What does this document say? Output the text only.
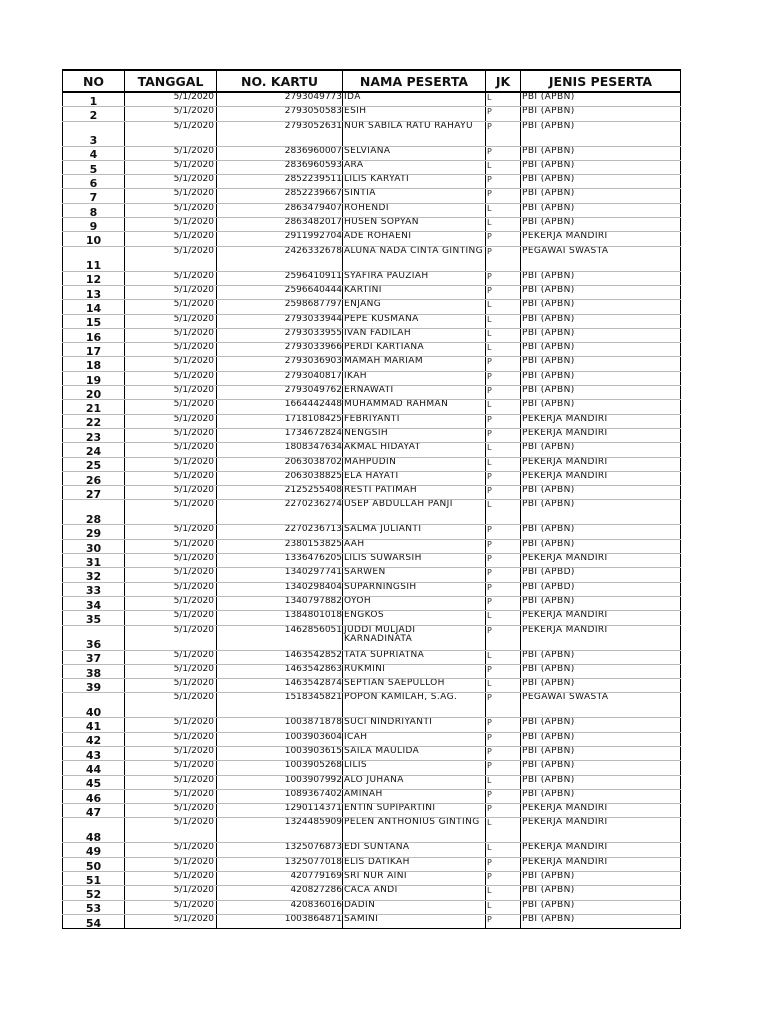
NO	TANGGAL	NO. KARTU	NAMA PESERTA	JK	JENIS PESERTA
1	5/1/2020	2793049773	IDA	L	PBI (APBN)
2	5/1/2020	2793050583	ESIH	P	PBI (APBN)
3	5/1/2020	2793052631	NUR SABILA RATU RAHAYU	P	PBI (APBN)
4	5/1/2020	2836960007	SELVIANA	P	PBI (APBN)
5	5/1/2020	2836960593	ARA	L	PBI (APBN)
6	5/1/2020	2852239511	LILIS KARYATI	P	PBI (APBN)
7	5/1/2020	2852239667	SINTIA	P	PBI (APBN)
8	5/1/2020	2863479407	ROHENDI	L	PBI (APBN)
9	5/1/2020	2863482017	HUSEN SOPYAN	L	PBI (APBN)
10	5/1/2020	2911992704	ADE ROHAENI	P	PEKERJA MANDIRI
11	5/1/2020	2426332678	ALUNA NADA CINTA GINTING	P	PEGAWAI SWASTA
12	5/1/2020	2596410911	SYAFIRA PAUZIAH	P	PBI (APBN)
13	5/1/2020	2596640444	KARTINI	P	PBI (APBN)
14	5/1/2020	2598687797	ENJANG	L	PBI (APBN)
15	5/1/2020	2793033944	PEPE KUSMANA	L	PBI (APBN)
16	5/1/2020	2793033955	IVAN FADILAH	L	PBI (APBN)
17	5/1/2020	2793033966	PERDI KARTIANA	L	PBI (APBN)
18	5/1/2020	2793036903	MAMAH MARIAM	P	PBI (APBN)
19	5/1/2020	2793040817	IKAH	P	PBI (APBN)
20	5/1/2020	2793049762	ERNAWATI	P	PBI (APBN)
21	5/1/2020	1664442448	MUHAMMAD RAHMAN	L	PBI (APBN)
22	5/1/2020	1718108425	FEBRIYANTI	P	PEKERJA MANDIRI
23	5/1/2020	1734672824	NENGSIH	P	PEKERJA MANDIRI
24	5/1/2020	1808347634	AKMAL HIDAYAT	L	PBI (APBN)
25	5/1/2020	2063038702	MAHPUDIN	L	PEKERJA MANDIRI
26	5/1/2020	2063038825	ELA HAYATI	P	PEKERJA MANDIRI
27	5/1/2020	2125255408	RESTI PATIMAH	P	PBI (APBN)
28	5/1/2020	2270236274	USEP ABDULLAH PANJI	L	PBI (APBN)
29	5/1/2020	2270236713	SALMA JULIANTI	P	PBI (APBN)
30	5/1/2020	2380153825	AAH	P	PBI (APBN)
31	5/1/2020	1336476205	LILIS SUWARSIH	P	PEKERJA MANDIRI
32	5/1/2020	1340297741	SARWEN	P	PBI (APBD)
33	5/1/2020	1340298404	SUPARNINGSIH	P	PBI (APBD)
34	5/1/2020	1340797882	OYOH	P	PBI (APBN)
35	5/1/2020	1384801018	ENGKOS	L	PEKERJA MANDIRI
36	5/1/2020	1462856051	JUDDI MULJADI KARNADINATA	P	PEKERJA MANDIRI
37	5/1/2020	1463542852	TATA SUPRIATNA	L	PBI (APBN)
38	5/1/2020	1463542863	RUKMINI	P	PBI (APBN)
39	5/1/2020	1463542874	SEPTIAN SAEPULLOH	L	PBI (APBN)
40	5/1/2020	1518345821	POPON KAMILAH, S.AG.	P	PEGAWAI SWASTA
41	5/1/2020	1003871878	SUCI NINDRIYANTI	P	PBI (APBN)
42	5/1/2020	1003903604	ICAH	P	PBI (APBN)
43	5/1/2020	1003903615	SAILA MAULIDA	P	PBI (APBN)
44	5/1/2020	1003905268	LILIS	P	PBI (APBN)
45	5/1/2020	1003907992	ALO JUHANA	L	PBI (APBN)
46	5/1/2020	1089367402	AMINAH	P	PBI (APBN)
47	5/1/2020	1290114371	ENTIN SUPIPARTINI	P	PEKERJA MANDIRI
48	5/1/2020	1324485909	PELEN ANTHONIUS GINTING	L	PEKERJA MANDIRI
49	5/1/2020	1325076873	EDI SUNTANA	L	PEKERJA MANDIRI
50	5/1/2020	1325077018	ELIS DATIKAH	P	PEKERJA MANDIRI
51	5/1/2020	420779169	SRI NUR AINI	P	PBI (APBN)
52	5/1/2020	420827286	CACA ANDI	L	PBI (APBN)
53	5/1/2020	420836016	DADIN	L	PBI (APBN)
54	5/1/2020	1003864871	SAMINI	P	PBI (APBN)
